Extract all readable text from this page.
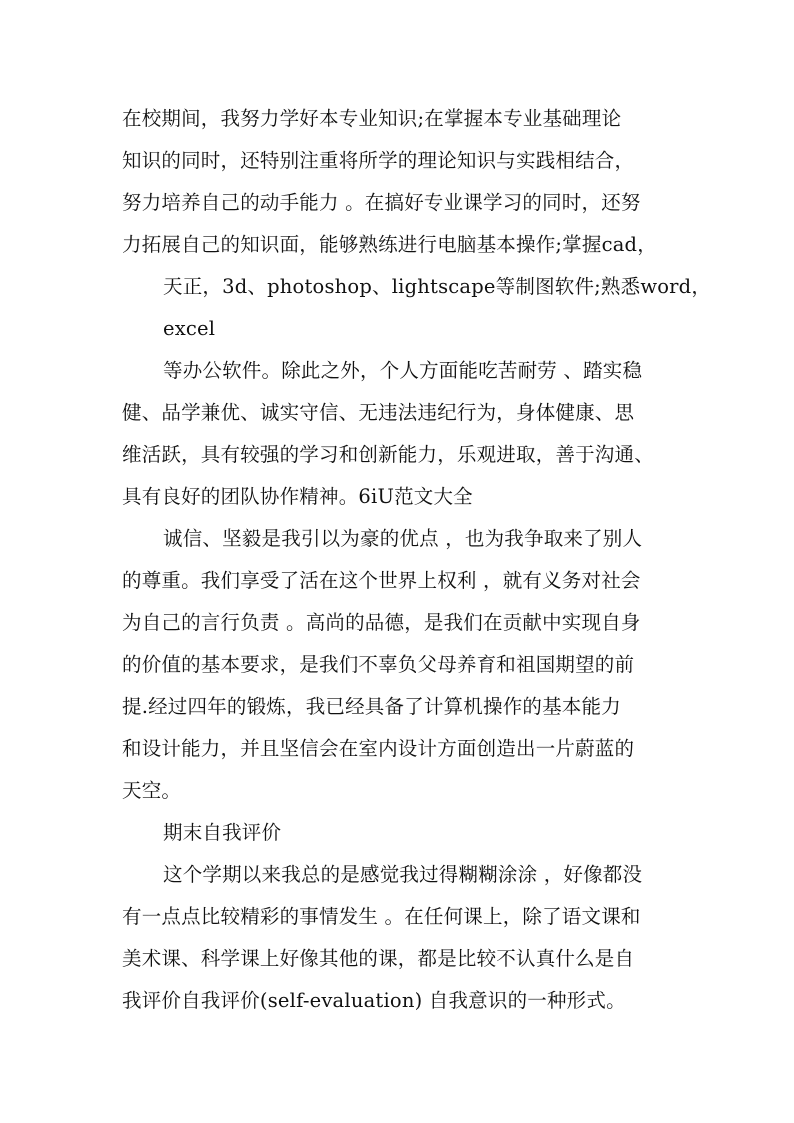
在校期间，我努力学好本专业知识;在掌握本专业基础理论
知识的同时，还特别注重将所学的理论知识与实践相结合，
努力培养自己的动手能力 。在搞好专业课学习的同时，还努
力拓展自己的知识面，能够熟练进行电脑基本操作;掌握cad，
天正，3d、photoshop、lightscape等制图软件;熟悉word，
excel
等办公软件。除此之外，个人方面能吃苦耐劳 、踏实稳
健、品学兼优、诚实守信、无违法违纪行为，身体健康、思
维活跃，具有较强的学习和创新能力，乐观进取，善于沟通、
具有良好的团队协作精神。6iU范文大全
诚信、坚毅是我引以为豪的优点 ，也为我争取来了别人
的尊重。我们享受了活在这个世界上权利 ，就有义务对社会
为自己的言行负责 。高尚的品德，是我们在贡献中实现自身
的价值的基本要求，是我们不辜负父母养育和祖国期望的前
提.经过四年的锻炼，我已经具备了计算机操作的基本能力
和设计能力，并且坚信会在室内设计方面创造出一片蔚蓝的
天空。
期末自我评价
这个学期以来我总的是感觉我过得糊糊涂涂 ，好像都没
有一点点比较精彩的事情发生 。在任何课上，除了语文课和
美术课、科学课上好像其他的课，都是比较不认真什么是自
我评价自我评价(self-evaluation) 自我意识的一种形式。
